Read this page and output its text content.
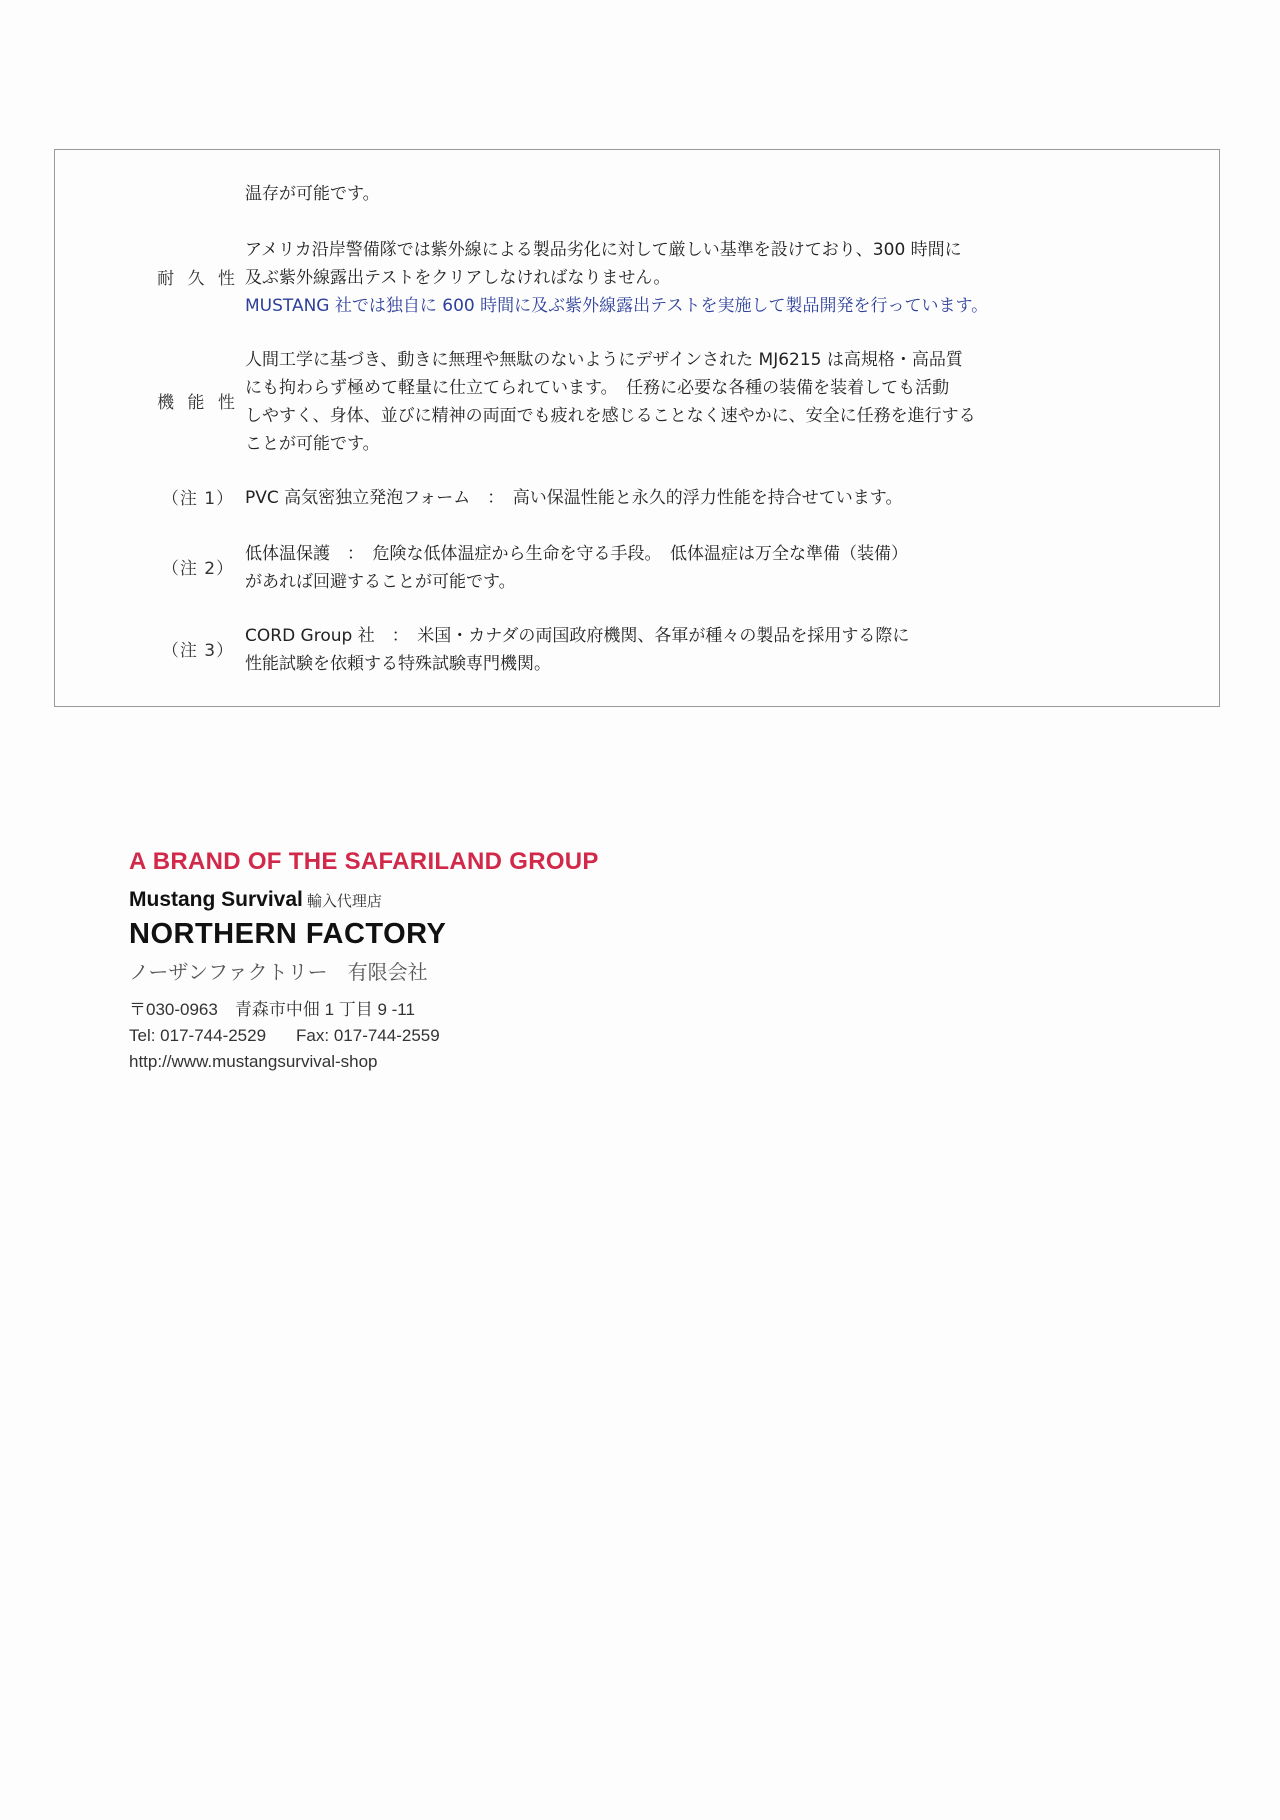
温存が可能です。
耐 久 性
アメリカ沿岸警備隊では紫外線による製品劣化に対して厳しい基準を設けており、300 時間に
及ぶ紫外線露出テストをクリアしなければなりません。
MUSTANG 社では独自に 600 時間に及ぶ紫外線露出テストを実施して製品開発を行っています。
機 能 性
人間工学に基づき、動きに無理や無駄のないようにデザインされた MJ6215 は高規格・高品質
にも拘わらず極めて軽量に仕立てられています。　任務に必要な各種の装備を装着しても活動
しやすく、身体、並びに精神の両面でも疲れを感じることなく速やかに、安全に任務を進行する
ことが可能です。
（注 1） PVC 高気密独立発泡フォーム　：　高い保温性能と永久的浮力性能を持合せています。
（注 2）
低体温保護　：　危険な低体温症から生命を守る手段。　低体温症は万全な準備（装備）
があれば回避することが可能です。
（注 3）
CORD Group 社　：　米国・カナダの両国政府機関、各軍が種々の製品を採用する際に
性能試験を依頼する特殊試験専門機関。
A BRAND OF THE SAFARILAND GROUP
Mustang Survival 輸入代理店
NORTHERN FACTORY
ノーザンファクトリー　有限会社
〒030-0963　青森市中佃 1 丁目 9 -11
Tel: 017-744-2529 Fax: 017-744-2559
http://www.mustangsurvival-shop
